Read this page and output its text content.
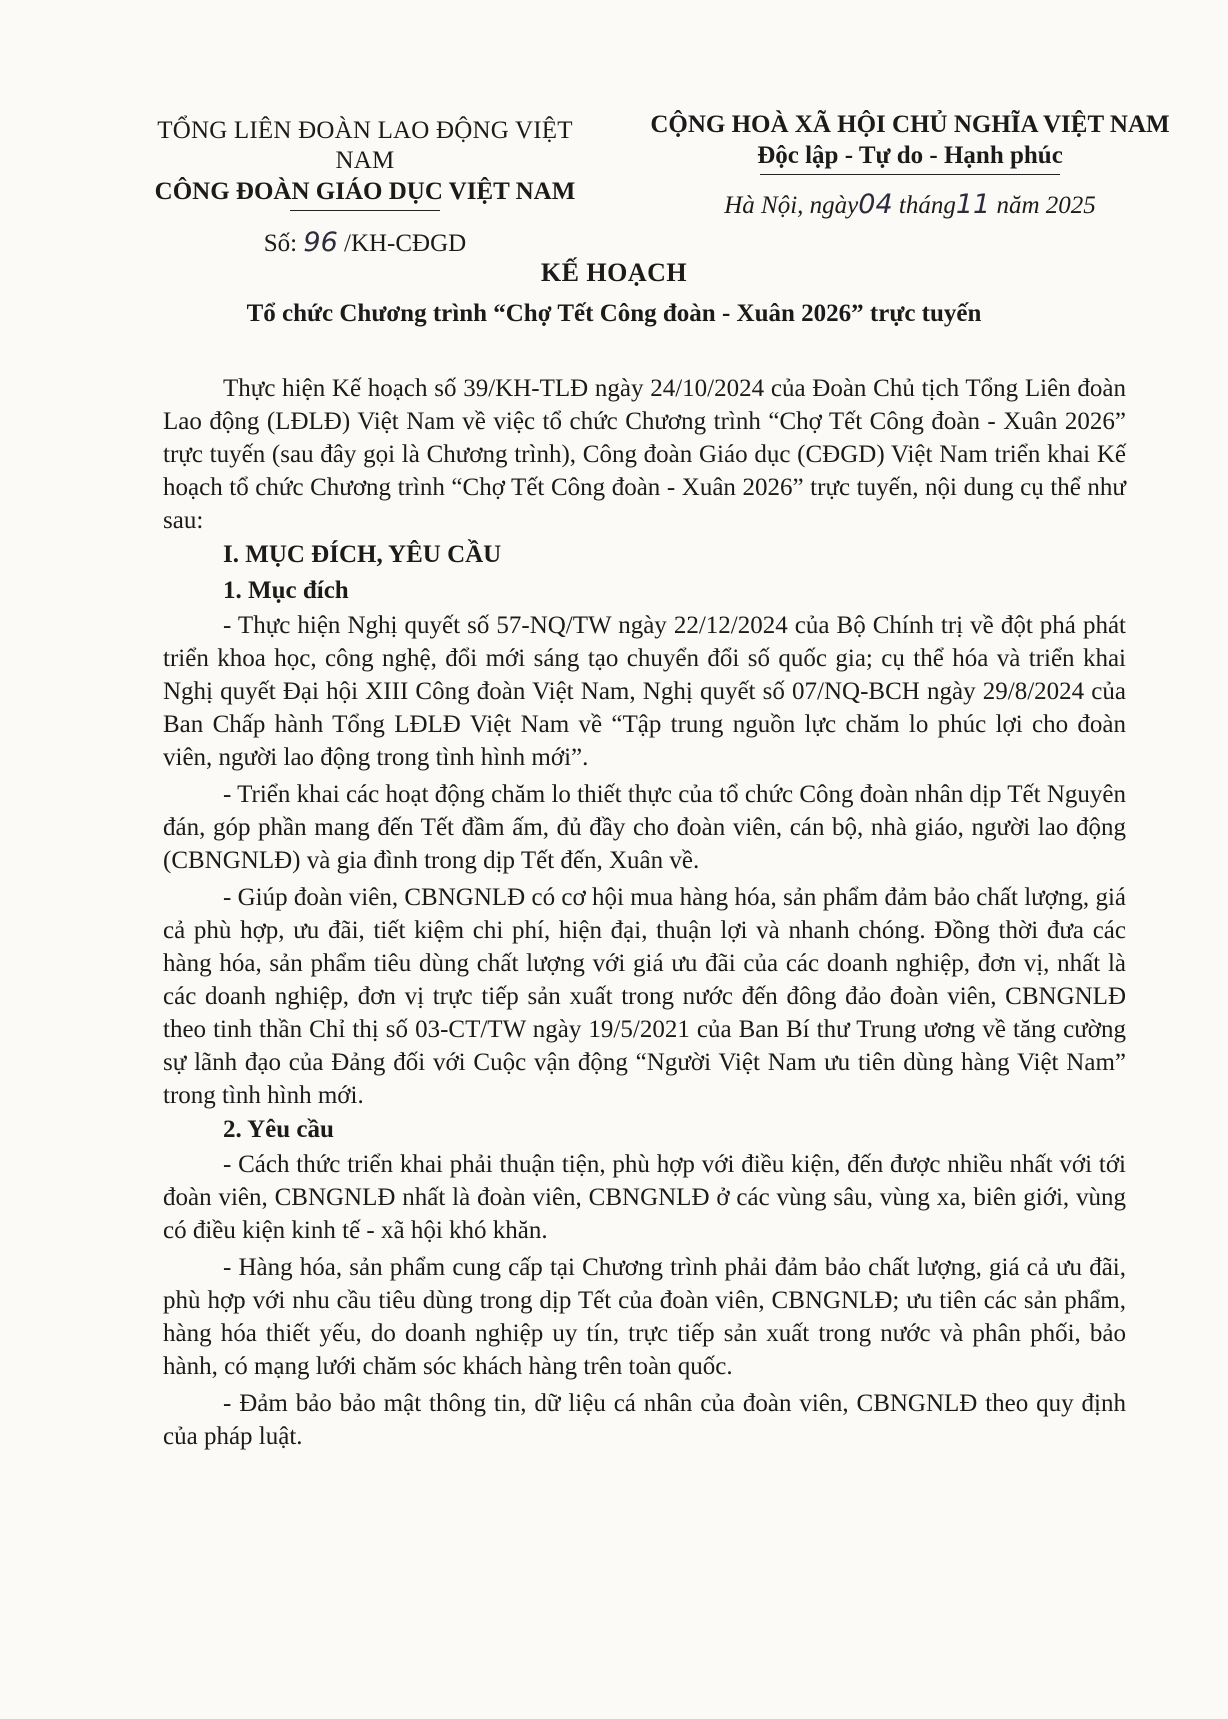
TỔNG LIÊN ĐOÀN LAO ĐỘNG VIỆT NAM
CÔNG ĐOÀN GIÁO DỤC VIỆT NAM
Số: 96 /KH-CĐGD
CỘNG HOÀ XÃ HỘI CHỦ NGHĨA VIỆT NAM
Độc lập - Tự do - Hạnh phúc
Hà Nội, ngày04 tháng11 năm 2025
KẾ HOẠCH
Tổ chức Chương trình “Chợ Tết Công đoàn - Xuân 2026” trực tuyến

Thực hiện Kế hoạch số 39/KH-TLĐ ngày 24/10/2024 của Đoàn Chủ tịch Tổng Liên đoàn Lao động (LĐLĐ) Việt Nam về việc tổ chức Chương trình “Chợ Tết Công đoàn - Xuân 2026” trực tuyến (sau đây gọi là Chương trình), Công đoàn Giáo dục (CĐGD) Việt Nam triển khai Kế hoạch tổ chức Chương trình “Chợ Tết Công đoàn - Xuân 2026” trực tuyến, nội dung cụ thể như sau:

I. MỤC ĐÍCH, YÊU CẦU
1. Mục đích

- Thực hiện Nghị quyết số 57-NQ/TW ngày 22/12/2024 của Bộ Chính trị về đột phá phát triển khoa học, công nghệ, đổi mới sáng tạo chuyển đổi số quốc gia; cụ thể hóa và triển khai Nghị quyết Đại hội XIII Công đoàn Việt Nam, Nghị quyết số 07/NQ-BCH ngày 29/8/2024 của Ban Chấp hành Tổng LĐLĐ Việt Nam về “Tập trung nguồn lực chăm lo phúc lợi cho đoàn viên, người lao động trong tình hình mới”.

- Triển khai các hoạt động chăm lo thiết thực của tổ chức Công đoàn nhân dịp Tết Nguyên đán, góp phần mang đến Tết đầm ấm, đủ đầy cho đoàn viên, cán bộ, nhà giáo, người lao động (CBNGNLĐ) và gia đình trong dịp Tết đến, Xuân về.

- Giúp đoàn viên, CBNGNLĐ có cơ hội mua hàng hóa, sản phẩm đảm bảo chất lượng, giá cả phù hợp, ưu đãi, tiết kiệm chi phí, hiện đại, thuận lợi và nhanh chóng. Đồng thời đưa các hàng hóa, sản phẩm tiêu dùng chất lượng với giá ưu đãi của các doanh nghiệp, đơn vị, nhất là các doanh nghiệp, đơn vị trực tiếp sản xuất trong nước đến đông đảo đoàn viên, CBNGNLĐ theo tinh thần Chỉ thị số 03-CT/TW ngày 19/5/2021 của Ban Bí thư Trung ương về tăng cường sự lãnh đạo của Đảng đối với Cuộc vận động “Người Việt Nam ưu tiên dùng hàng Việt Nam” trong tình hình mới.

2. Yêu cầu

- Cách thức triển khai phải thuận tiện, phù hợp với điều kiện, đến được nhiều nhất với tới đoàn viên, CBNGNLĐ nhất là đoàn viên, CBNGNLĐ ở các vùng sâu, vùng xa, biên giới, vùng có điều kiện kinh tế - xã hội khó khăn.

- Hàng hóa, sản phẩm cung cấp tại Chương trình phải đảm bảo chất lượng, giá cả ưu đãi, phù hợp với nhu cầu tiêu dùng trong dịp Tết của đoàn viên, CBNGNLĐ; ưu tiên các sản phẩm, hàng hóa thiết yếu, do doanh nghiệp uy tín, trực tiếp sản xuất trong nước và phân phối, bảo hành, có mạng lưới chăm sóc khách hàng trên toàn quốc.

- Đảm bảo bảo mật thông tin, dữ liệu cá nhân của đoàn viên, CBNGNLĐ theo quy định của pháp luật.
